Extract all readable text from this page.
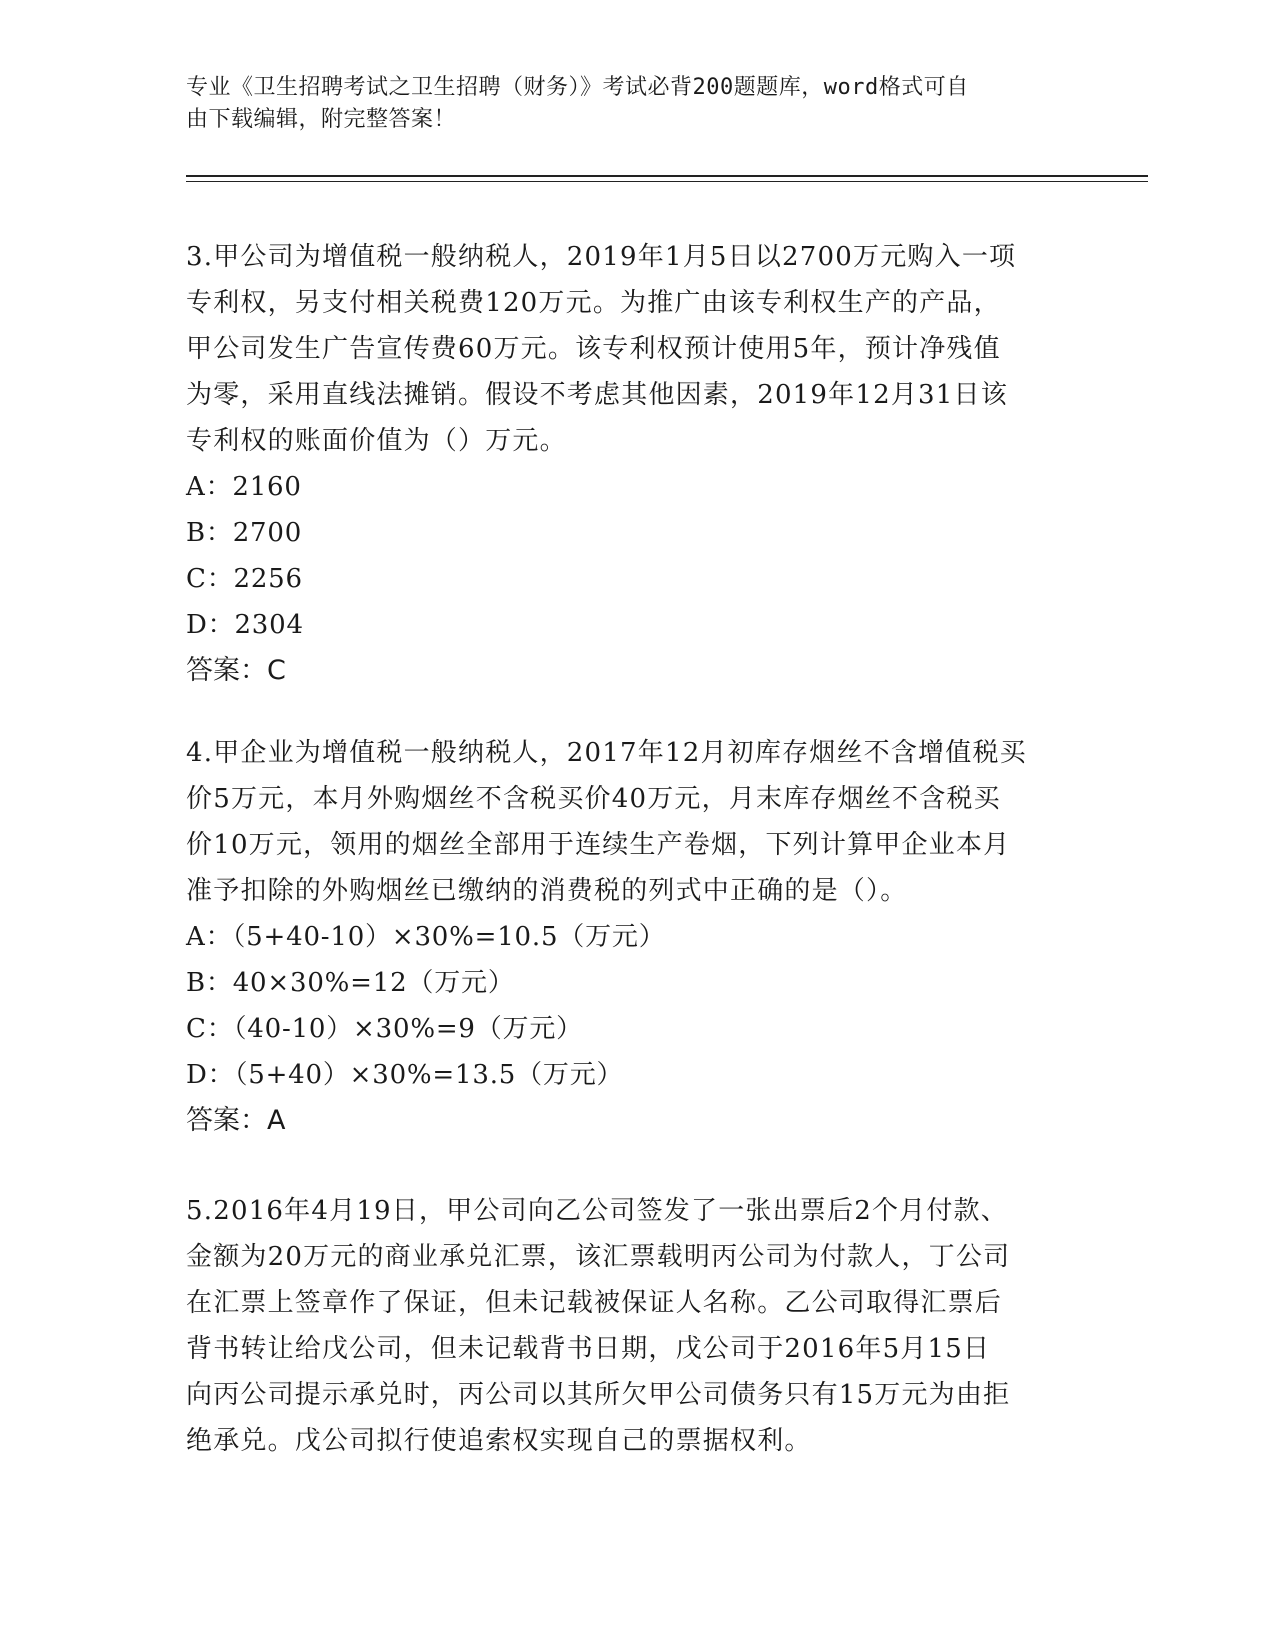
专业《卫生招聘考试之卫生招聘（财务）》考试必背200题题库，word格式可自
由下载编辑，附完整答案！

3.甲公司为增值税一般纳税人，2019年1月5日以2700万元购入一项

专利权，另支付相关税费120万元。为推广由该专利权生产的产品，

甲公司发生广告宣传费60万元。该专利权预计使用5年，预计净残值

为零，采用直线法摊销。假设不考虑其他因素，2019年12月31日该

专利权的账面价值为（）万元。

A：2160

B：2700

C：2256

D：2304

答案：C

4.甲企业为增值税一般纳税人，2017年12月初库存烟丝不含增值税买

价5万元，本月外购烟丝不含税买价40万元，月末库存烟丝不含税买

价10万元，领用的烟丝全部用于连续生产卷烟，下列计算甲企业本月

准予扣除的外购烟丝已缴纳的消费税的列式中正确的是（）。

A：（5+40-10）×30%=10.5（万元）

B：40×30%=12（万元）

C：（40-10）×30%=9（万元）

D：（5+40）×30%=13.5（万元）

答案：A

5.2016年4月19日，甲公司向乙公司签发了一张出票后2个月付款、

金额为20万元的商业承兑汇票，该汇票载明丙公司为付款人，丁公司

在汇票上签章作了保证，但未记载被保证人名称。乙公司取得汇票后

背书转让给戊公司，但未记载背书日期，戊公司于2016年5月15日

向丙公司提示承兑时，丙公司以其所欠甲公司债务只有15万元为由拒

绝承兑。戊公司拟行使追索权实现自己的票据权利。
